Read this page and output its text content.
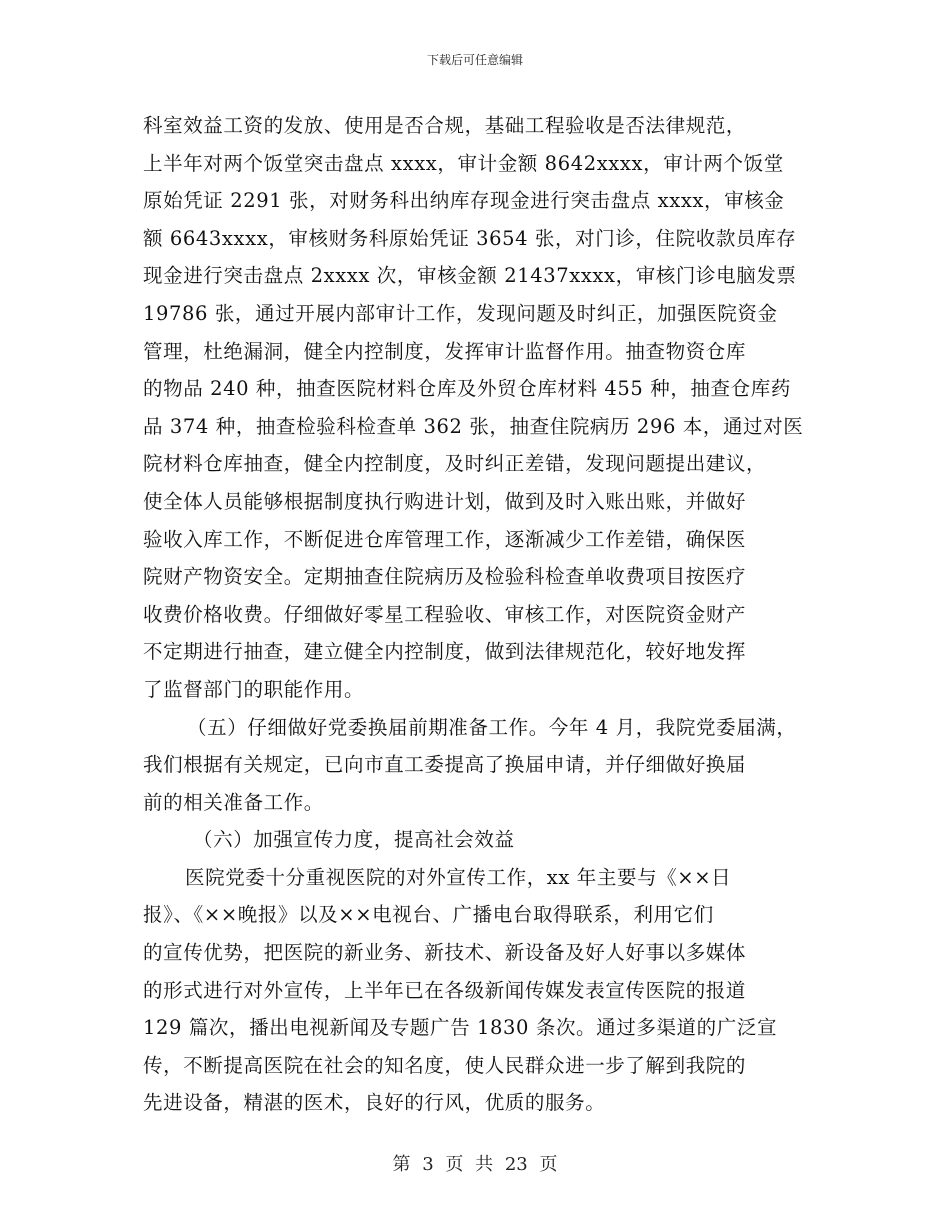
下载后可任意编辑
科室效益工资的发放、使用是否合规，基础工程验收是否法律规范，
上半年对两个饭堂突击盘点 xxxx，审计金额 8642xxxx，审计两个饭堂
原始凭证 2291 张，对财务科出纳库存现金进行突击盘点 xxxx，审核金
额 6643xxxx，审核财务科原始凭证 3654 张，对门诊，住院收款员库存
现金进行突击盘点 2xxxx 次，审核金额 21437xxxx，审核门诊电脑发票
19786 张，通过开展内部审计工作，发现问题及时纠正，加强医院资金
管理，杜绝漏洞，健全内控制度，发挥审计监督作用。抽查物资仓库
的物品 240 种，抽查医院材料仓库及外贸仓库材料 455 种，抽查仓库药
品 374 种，抽查检验科检查单 362 张，抽查住院病历 296 本，通过对医
院材料仓库抽查，健全内控制度，及时纠正差错，发现问题提出建议，
使全体人员能够根据制度执行购进计划，做到及时入账出账，并做好
验收入库工作，不断促进仓库管理工作，逐渐减少工作差错，确保医
院财产物资安全。定期抽查住院病历及检验科检查单收费项目按医疗
收费价格收费。仔细做好零星工程验收、审核工作，对医院资金财产
不定期进行抽查，建立健全内控制度，做到法律规范化，较好地发挥
了监督部门的职能作用。
（五）仔细做好党委换届前期准备工作。今年 4 月，我院党委届满，
我们根据有关规定，已向市直工委提高了换届申请，并仔细做好换届
前的相关准备工作。
（六）加强宣传力度，提高社会效益
医院党委十分重视医院的对外宣传工作，xx 年主要与《××日
报》、《××晚报》以及××电视台、广播电台取得联系，利用它们
的宣传优势，把医院的新业务、新技术、新设备及好人好事以多媒体
的形式进行对外宣传，上半年已在各级新闻传媒发表宣传医院的报道
129 篇次，播出电视新闻及专题广告 1830 条次。通过多渠道的广泛宣
传，不断提高医院在社会的知名度，使人民群众进一步了解到我院的
先进设备，精湛的医术，良好的行风，优质的服务。
第 3 页 共 23 页
